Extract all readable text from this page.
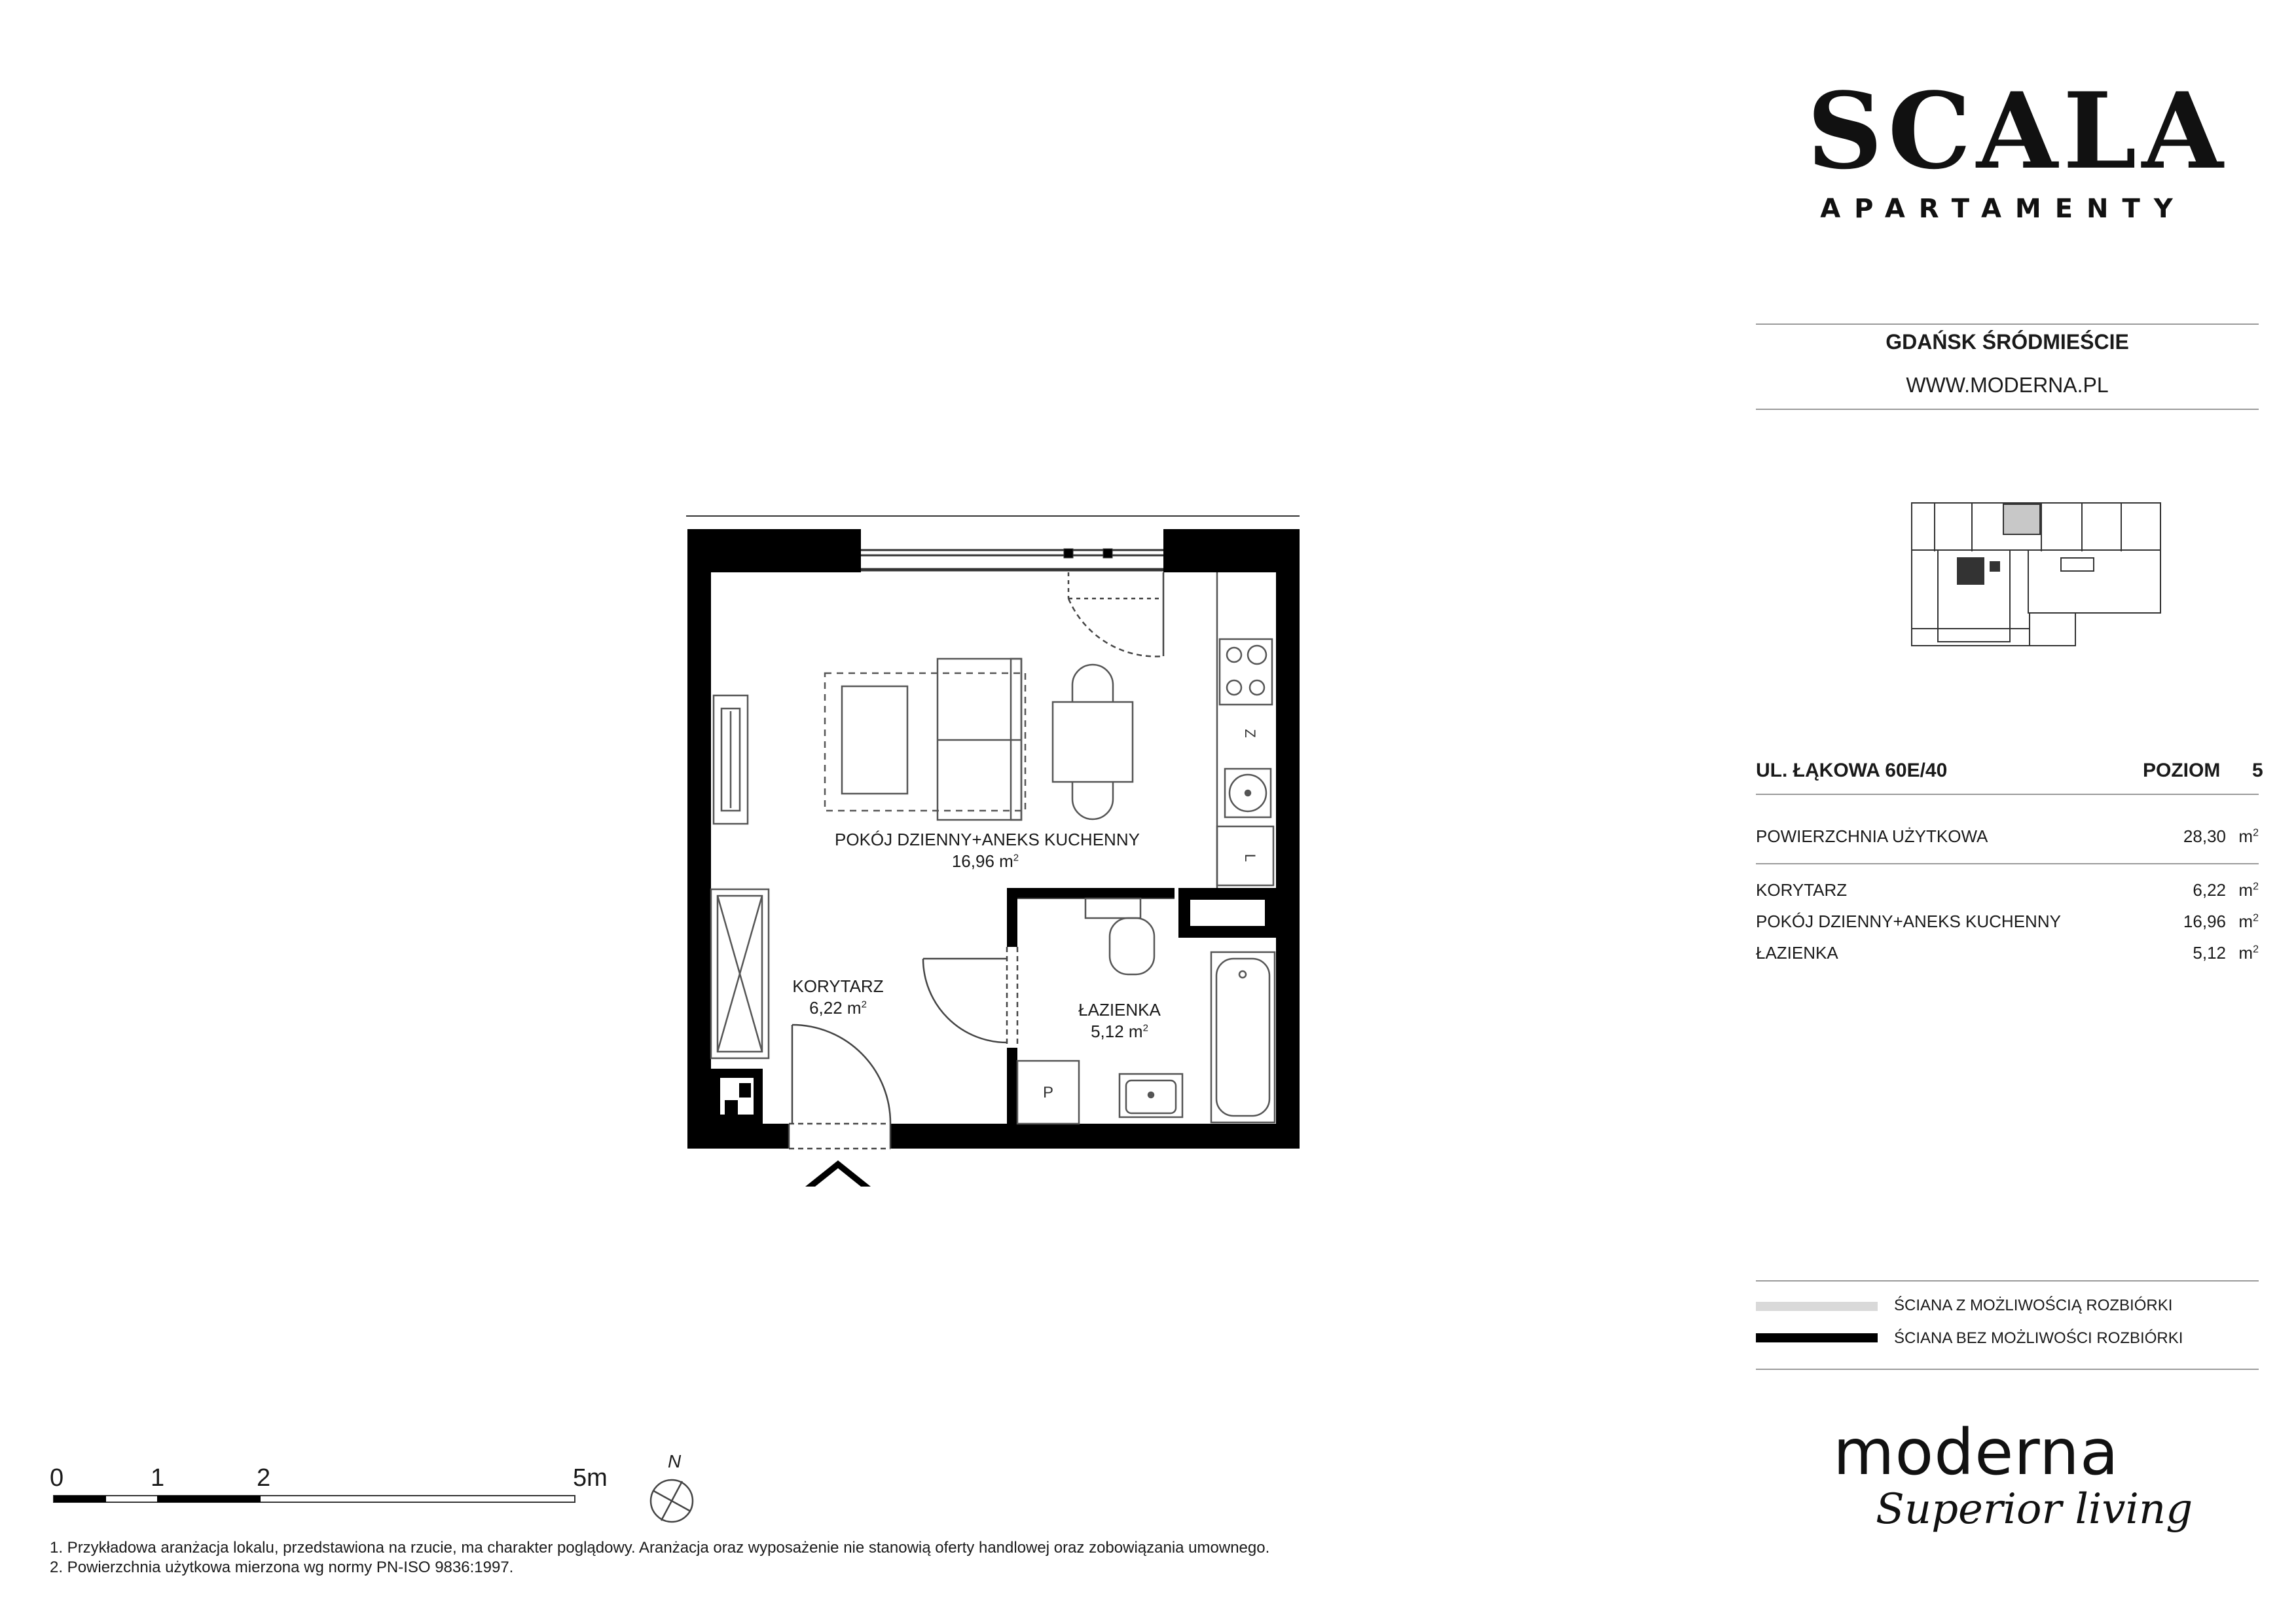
Z
L
P
POKÓJ DZIENNY+ANEKS KUCHENNY
16,96 $m^2$
KORYTARZ
6,22 $m^2$	ŁAZIENKA
5,12 $m^2$
0	1	2	5m
N
1. Przykładowa aranżacja lokalu, przedstawiona na rzucie, ma charakter poglądowy. Aranżacja oraz wyposażenie nie stanowią oferty handlowej oraz zobowiązania umownego.
2. Powierzchnia użytkowa mierzona wg normy PN-ISO 9836:1997.
SCALA
APARTAMENTY
GDAŃSK ŚRÓDMIEŚCIE
WWW.MODERNA.PL
UL. ŁĄKOWA 60E/40	POZIOM 5
POWIERZCHNIA UŻYTKOWA	28,30 $m^2$
KORYTARZ	6,22 $m^2$
POKÓJ DZIENNY+ANEKS KUCHENNY	16,96 $m^2$
ŁAZIENKA	5,12 $m^2$
ŚCIANA Z MOŻLIWOŚCIĄ ROZBIÓRKI
ŚCIANA BEZ MOŻLIWOŚCI ROZBIÓRKI
moderna
Superior living
